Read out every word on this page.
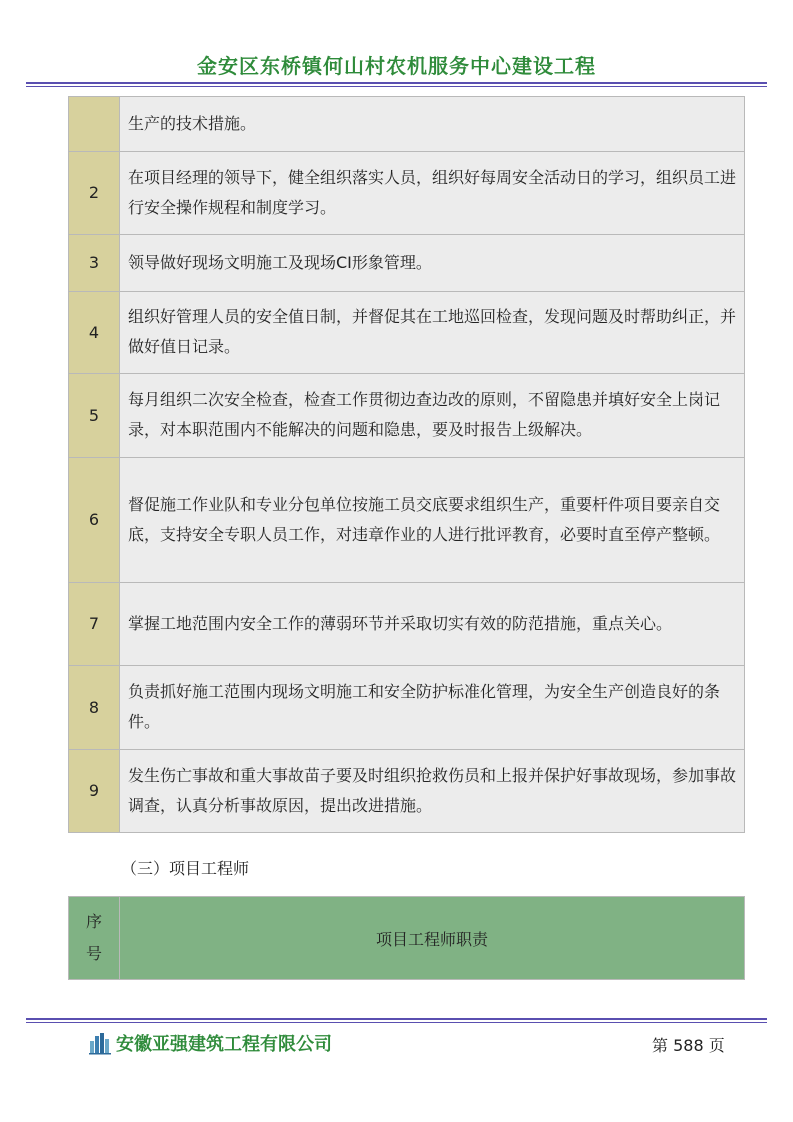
金安区东桥镇何山村农机服务中心建设工程
	生产的技术措施。
2	在项目经理的领导下，健全组织落实人员，组织好每周安全活动日的学习，组织员工进行安全操作规程和制度学习。
3	领导做好现场文明施工及现场CI形象管理。
4	组织好管理人员的安全值日制，并督促其在工地巡回检查，发现问题及时帮助纠正，并做好值日记录。
5	每月组织二次安全检查，检查工作贯彻边查边改的原则，不留隐患并填好安全上岗记录，对本职范围内不能解决的问题和隐患，要及时报告上级解决。
6	督促施工作业队和专业分包单位按施工员交底要求组织生产，重要杆件项目要亲自交底，支持安全专职人员工作，对违章作业的人进行批评教育，必要时直至停产整顿。
7	掌握工地范围内安全工作的薄弱环节并采取切实有效的防范措施，重点关心。
8	负责抓好施工范围内现场文明施工和安全防护标准化管理，为安全生产创造良好的条件。
9	发生伤亡事故和重大事故苗子要及时组织抢救伤员和上报并保护好事故现场，参加事故调查，认真分析事故原因，提出改进措施。
（三）项目工程师
序
号
	项目工程师职责
安徽亚强建筑工程有限公司	第 588 页
